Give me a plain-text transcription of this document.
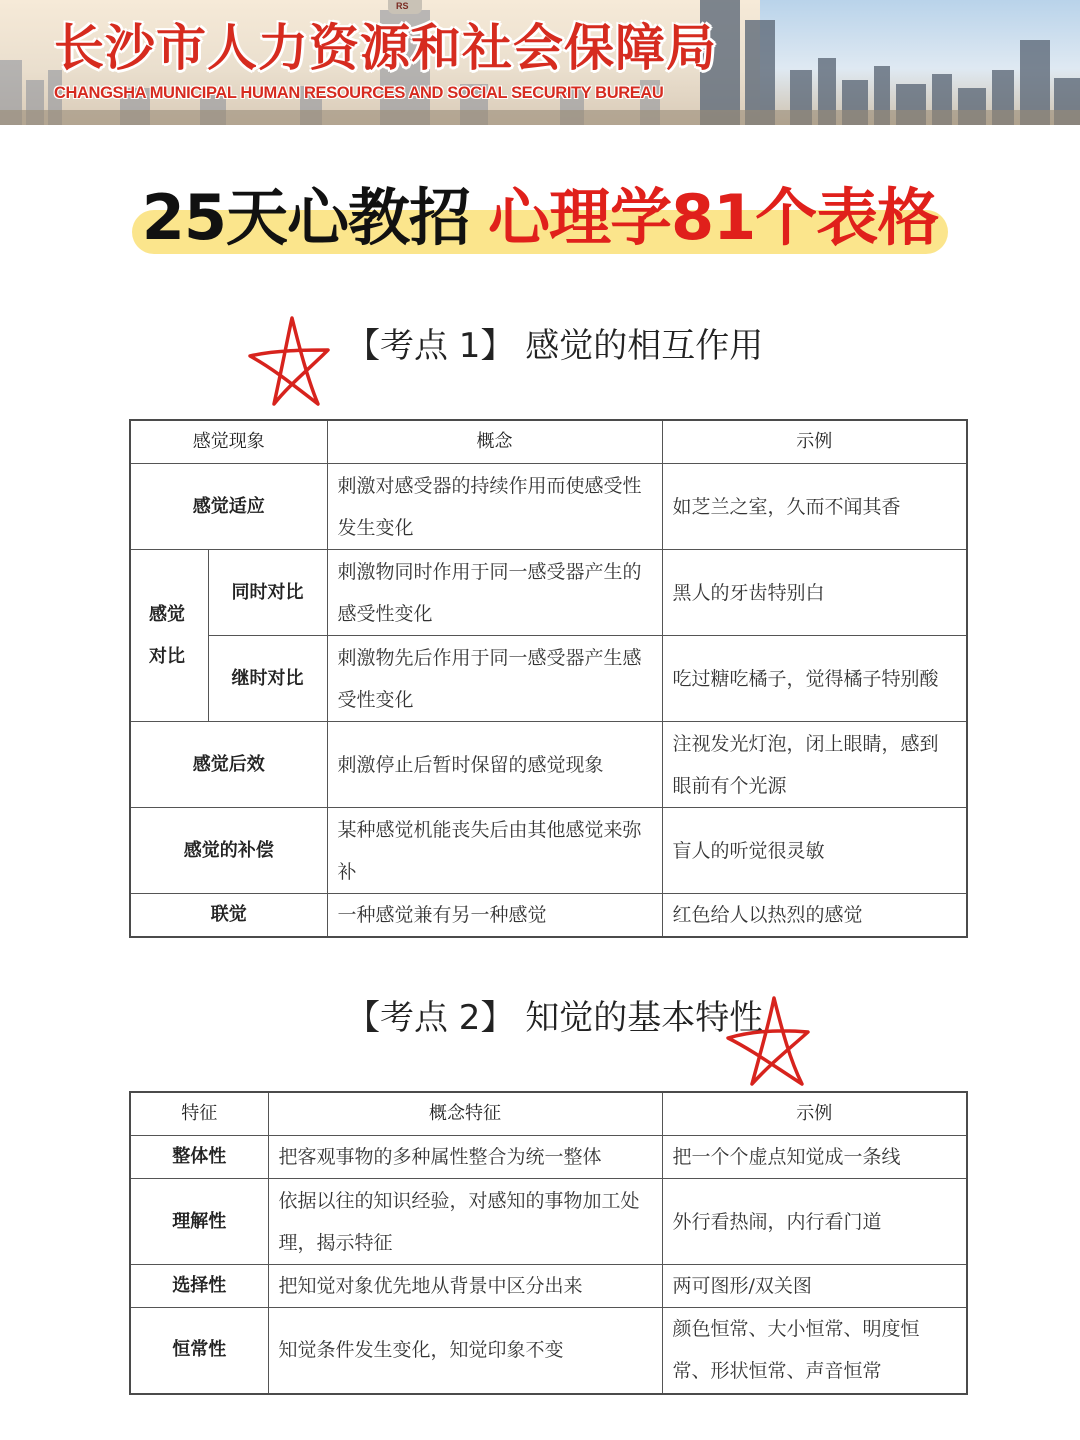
RS
长沙市人力资源和社会保障局

CHANGSHA MUNICIPAL HUMAN RESOURCES AND SOCIAL SECURITY BUREAU

25天心教招 心理学81个表格
【考点 1】 感觉的相互作用
感觉现象		概念	示例
感觉适应		刺激对感受器的持续作用而使感受性发生变化	如芝兰之室，久而不闻其香
感觉对比	同时对比	刺激物同时作用于同一感受器产生的感受性变化	黑人的牙齿特别白
	继时对比	刺激物先后作用于同一感受器产生感受性变化	吃过糖吃橘子，觉得橘子特别酸
感觉后效		刺激停止后暂时保留的感觉现象	注视发光灯泡，闭上眼睛，感到眼前有个光源
感觉的补偿		某种感觉机能丧失后由其他感觉来弥补	盲人的听觉很灵敏
联觉		一种感觉兼有另一种感觉	红色给人以热烈的感觉
【考点 2】 知觉的基本特性
特征	概念特征	示例
整体性	把客观事物的多种属性整合为统一整体	把一个个虚点知觉成一条线
理解性	依据以往的知识经验，对感知的事物加工处理，揭示特征	外行看热闹，内行看门道
选择性	把知觉对象优先地从背景中区分出来	两可图形/双关图
恒常性	知觉条件发生变化，知觉印象不变	颜色恒常、大小恒常、明度恒常、形状恒常、声音恒常
